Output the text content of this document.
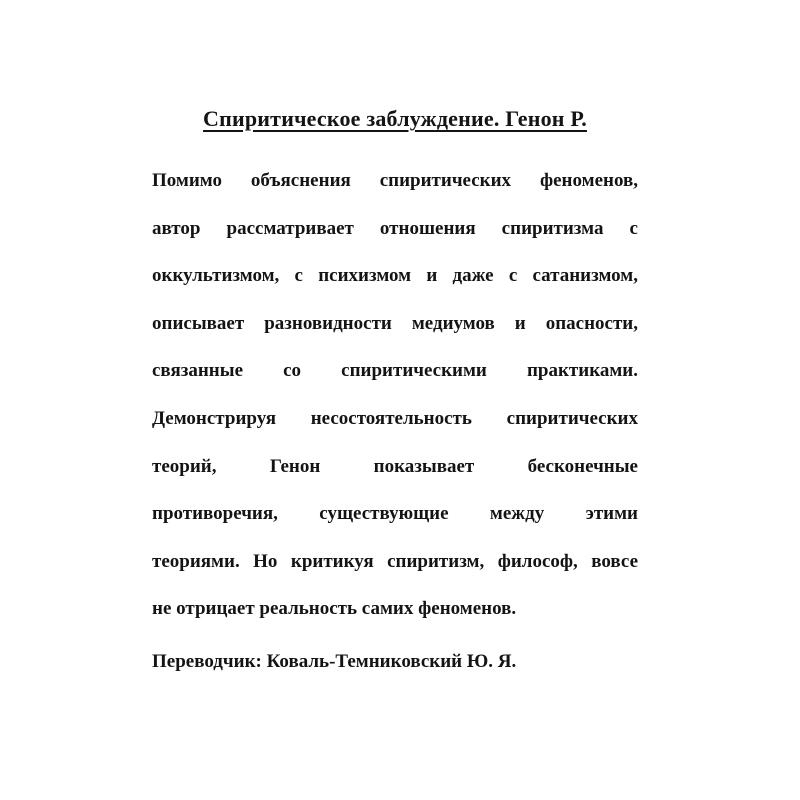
Спиритическое заблуждение. Генон Р.
Помимо объяснения спиритических феноменов,
автор рассматривает отношения спиритизма с
оккультизмом, с психизмом и даже с сатанизмом,
описывает разновидности медиумов и опасности,
связанные со спиритическими практиками.
Демонстрируя несостоятельность спиритических
теорий, Генон показывает бесконечные
противоречия, существующие между этими
теориями. Но критикуя спиритизм, философ, вовсе
не отрицает реальность самих феноменов.
Переводчик: Коваль-Темниковский Ю. Я.
